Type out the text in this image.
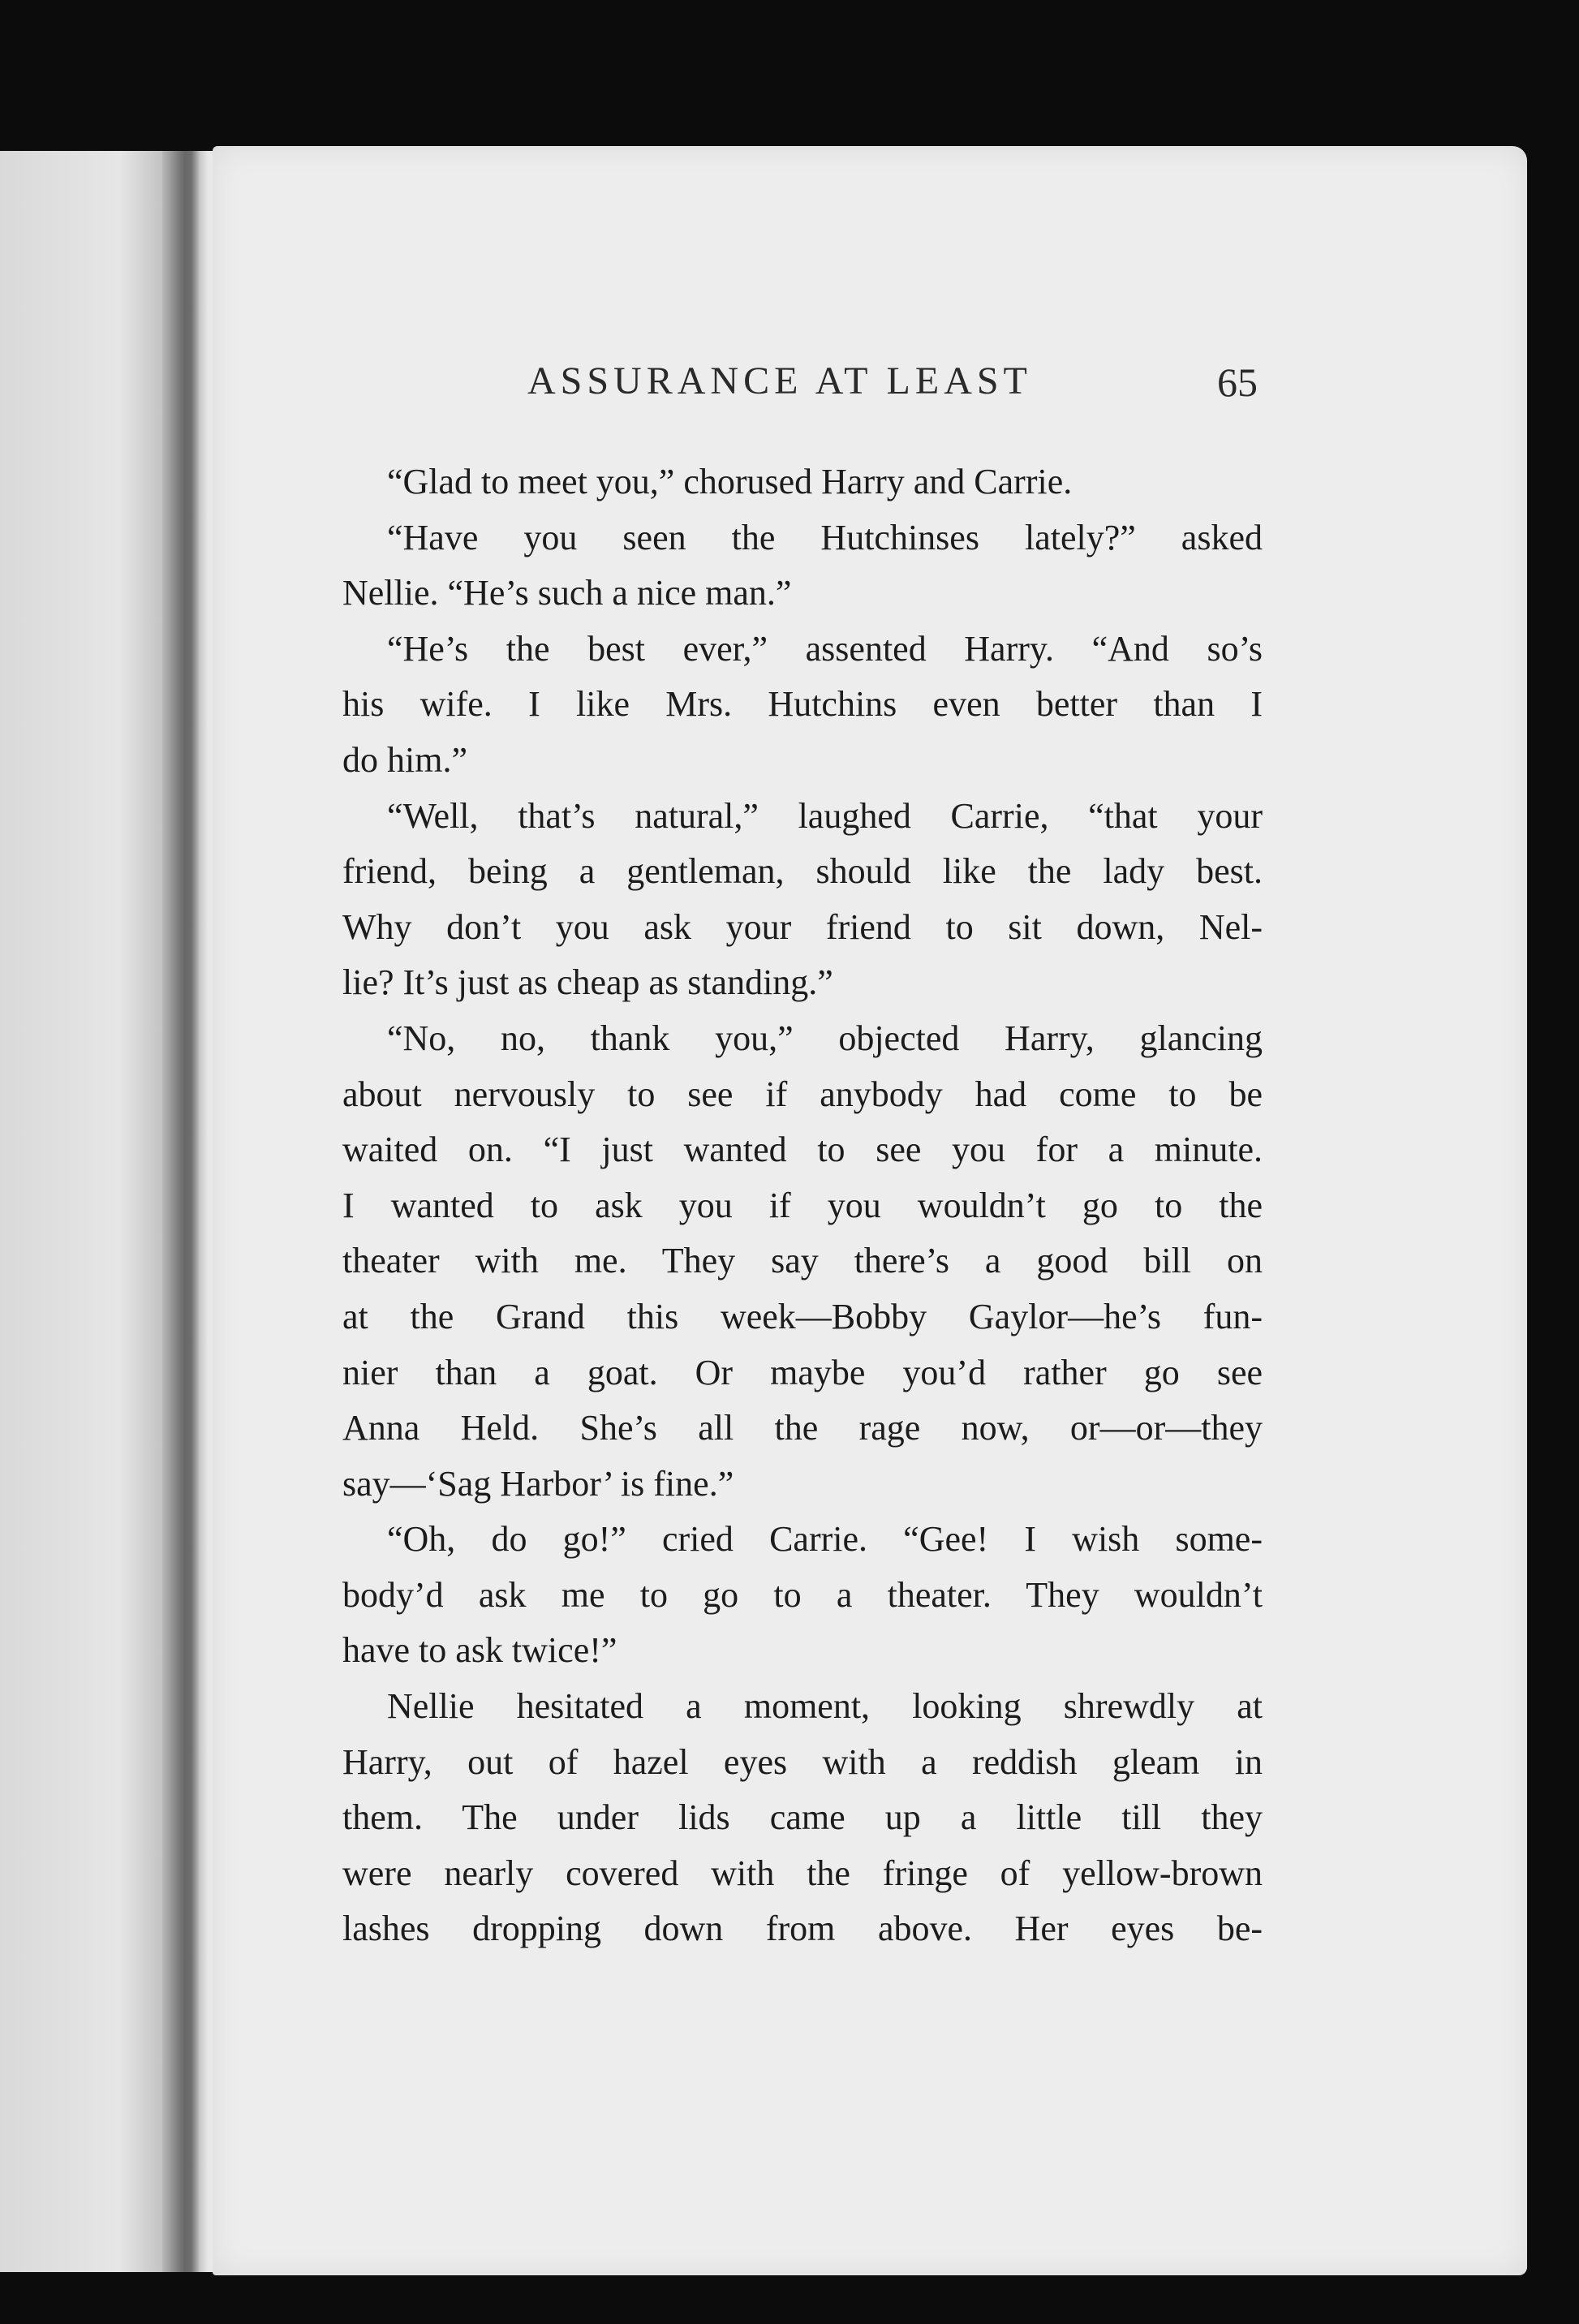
ASSURANCE AT LEAST	65
“Glad to meet you,” chorused Harry and Carrie.
“Have you seen the Hutchinses lately?” asked
Nellie. “He’s such a nice man.”
“He’s the best ever,” assented Harry. “And so’s
his wife. I like Mrs. Hutchins even better than I
do him.”
“Well, that’s natural,” laughed Carrie, “that your
friend, being a gentleman, should like the lady best.
Why don’t you ask your friend to sit down, Nel-
lie? It’s just as cheap as standing.”
“No, no, thank you,” objected Harry, glancing
about nervously to see if anybody had come to be
waited on. “I just wanted to see you for a minute.
I wanted to ask you if you wouldn’t go to the
theater with me. They say there’s a good bill on
at the Grand this week—Bobby Gaylor—he’s fun-
nier than a goat. Or maybe you’d rather go see
Anna Held. She’s all the rage now, or—or—they
say—‘Sag Harbor’ is fine.”
“Oh, do go!” cried Carrie. “Gee! I wish some-
body’d ask me to go to a theater. They wouldn’t
have to ask twice!”
Nellie hesitated a moment, looking shrewdly at
Harry, out of hazel eyes with a reddish gleam in
them. The under lids came up a little till they
were nearly covered with the fringe of yellow-brown
lashes dropping down from above. Her eyes be-
